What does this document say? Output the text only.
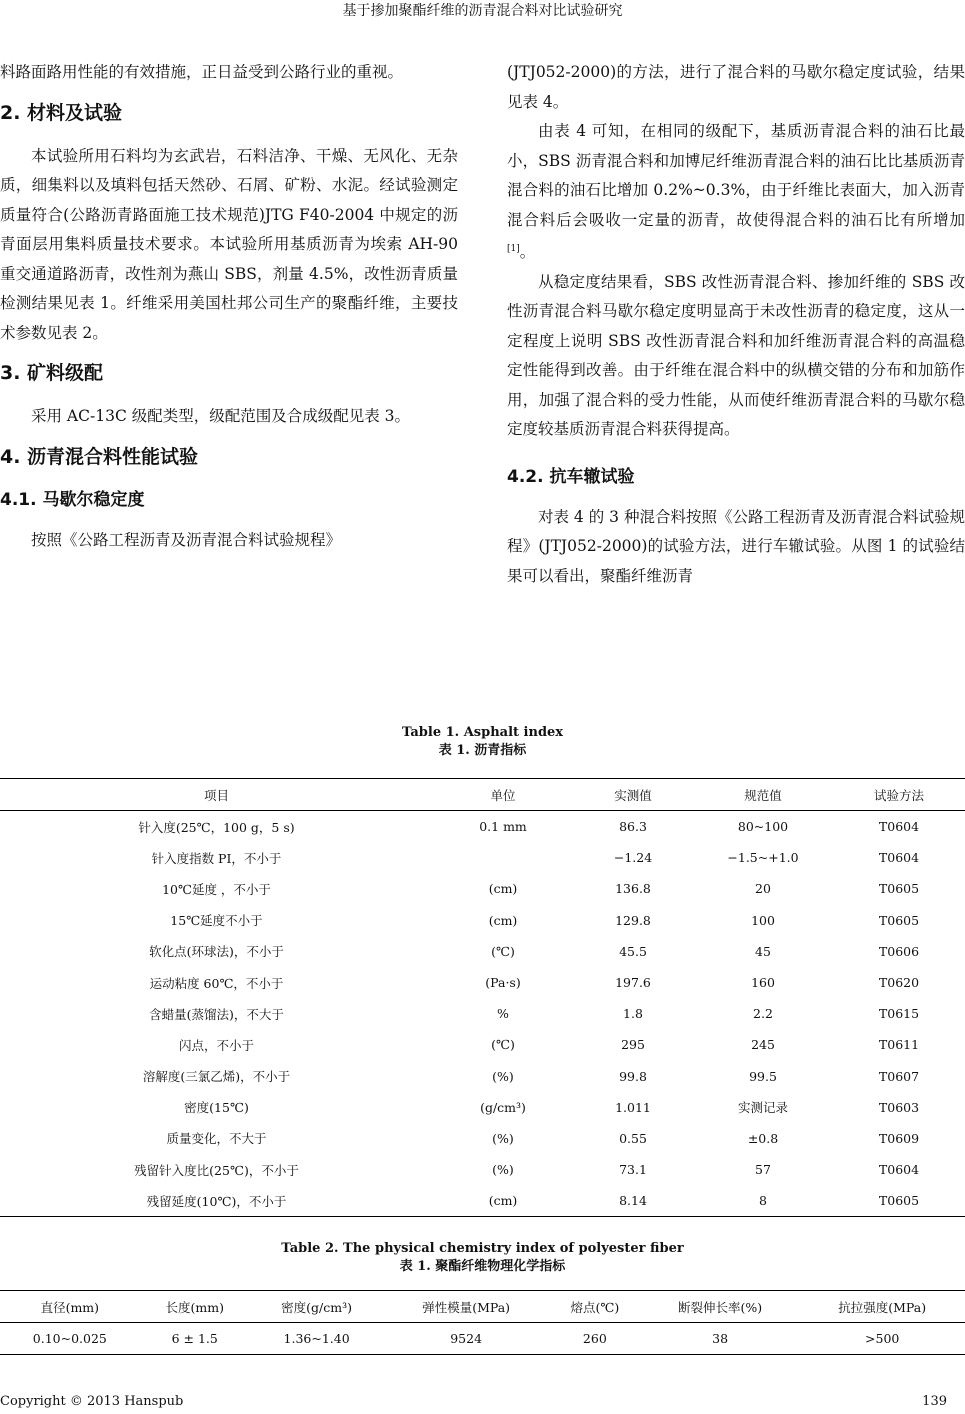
基于掺加聚酯纤维的沥青混合料对比试验研究

料路面路用性能的有效措施，正日益受到公路行业的重视。

2. 材料及试验

本试验所用石料均为玄武岩，石料洁净、干燥、无风化、无杂质，细集料以及填料包括天然砂、石屑、矿粉、水泥。经试验测定质量符合(公路沥青路面施工技术规范)JTG F40-2004 中规定的沥青面层用集料质量技术要求。本试验所用基质沥青为埃索 AH-90 重交通道路沥青，改性剂为燕山 SBS，剂量 4.5%，改性沥青质量检测结果见表 1。纤维采用美国杜邦公司生产的聚酯纤维，主要技术参数见表 2。

3. 矿料级配

采用 AC-13C 级配类型，级配范围及合成级配见表 3。

4. 沥青混合料性能试验
4.1. 马歇尔稳定度

按照《公路工程沥青及沥青混合料试验规程》

(JTJ052-2000)的方法，进行了混合料的马歇尔稳定度试验，结果见表 4。

由表 4 可知，在相同的级配下，基质沥青混合料的油石比最小，SBS 沥青混合料和加博尼纤维沥青混合料的油石比比基质沥青混合料的油石比增加 0.2%~0.3%，由于纤维比表面大，加入沥青混合料后会吸收一定量的沥青，故使得混合料的油石比有所增加[1]。

从稳定度结果看，SBS 改性沥青混合料、掺加纤维的 SBS 改性沥青混合料马歇尔稳定度明显高于未改性沥青的稳定度，这从一定程度上说明 SBS 改性沥青混合料和加纤维沥青混合料的高温稳定性能得到改善。由于纤维在混合料中的纵横交错的分布和加筋作用，加强了混合料的受力性能，从而使纤维沥青混合料的马歇尔稳定度较基质沥青混合料获得提高。

4.2. 抗车辙试验

对表 4 的 3 种混合料按照《公路工程沥青及沥青混合料试验规程》(JTJ052-2000)的试验方法，进行车辙试验。从图 1 的试验结果可以看出，聚酯纤维沥青

Table 1. Asphalt index
表 1. 沥青指标
项目	单位	实测值	规范值	试验方法
针入度(25℃，100 g，5 s)	0.1 mm	86.3	80~100	T0604
针入度指数 PI，不小于		−1.24	−1.5~+1.0	T0604
10℃延度 ，不小于	(cm)	136.8	20	T0605
15℃延度不小于	(cm)	129.8	100	T0605
软化点(环球法)，不小于	(℃)	45.5	45	T0606
运动粘度 60℃，不小于	(Pa·s)	197.6	160	T0620
含蜡量(蒸馏法)，不大于	%	1.8	2.2	T0615
闪点，不小于	(℃)	295	245	T0611
溶解度(三氯乙烯)，不小于	(%)	99.8	99.5	T0607
密度(15℃)	(g/cm³)	1.011	实测记录	T0603
质量变化，不大于	(%)	0.55	±0.8	T0609
残留针入度比(25℃)，不小于	(%)	73.1	57	T0604
残留延度(10℃)，不小于	(cm)	8.14	8	T0605
Table 2. The physical chemistry index of polyester fiber
表 1. 聚酯纤维物理化学指标
直径(mm)	长度(mm)	密度(g/cm³)	弹性模量(MPa)	熔点(℃)	断裂伸长率(%)	抗拉强度(MPa)
0.10~0.025	6 ± 1.5	1.36~1.40	9524	260	38	>500
Copyright © 2013 Hanspub	139
